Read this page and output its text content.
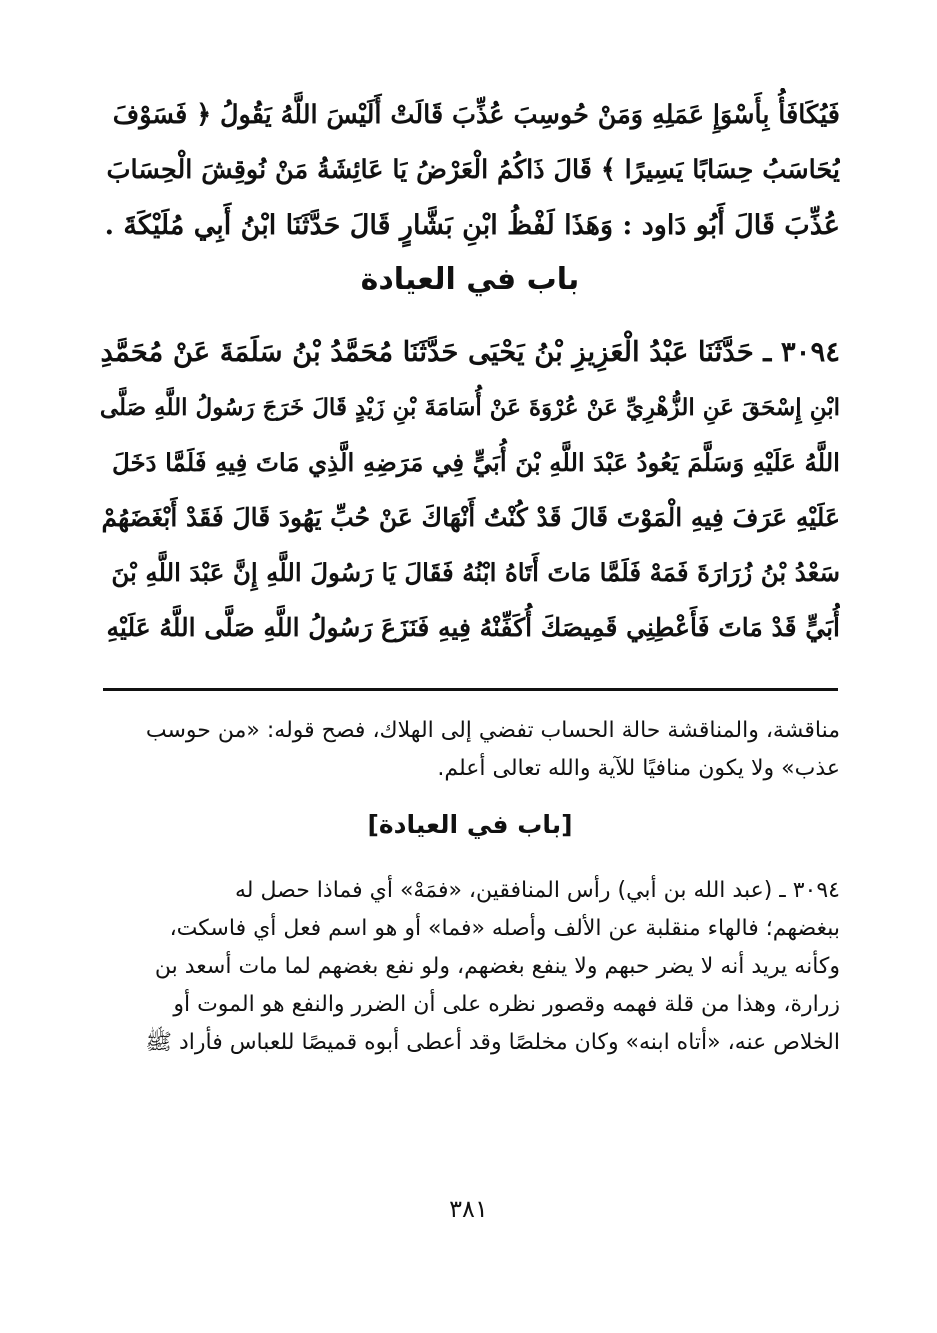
فَيُكَافَأُ بِأَسْوَإِ عَمَلِهِ وَمَنْ حُوسِبَ عُذِّبَ قَالَتْ أَلَيْسَ اللَّهُ يَقُولُ ﴿ فَسَوْفَ
يُحَاسَبُ حِسَابًا يَسِيرًا ﴾ قَالَ ذَاكُمُ الْعَرْضُ يَا عَائِشَةُ مَنْ نُوقِشَ الْحِسَابَ
عُذِّبَ قَالَ أَبُو دَاود : وَهَذَا لَفْظُ ابْنِ بَشَّارٍ قَالَ حَدَّثَنَا ابْنُ أَبِي مُلَيْكَةَ .
باب في العيادة
٣٠٩٤ ـ حَدَّثَنَا عَبْدُ الْعَزِيزِ بْنُ يَحْيَى حَدَّثَنَا مُحَمَّدُ بْنُ سَلَمَةَ عَنْ مُحَمَّدِ
ابْنِ إِسْحَقَ عَنِ الزُّهْرِيِّ عَنْ عُرْوَةَ عَنْ أُسَامَةَ بْنِ زَيْدٍ قَالَ خَرَجَ رَسُولُ اللَّهِ صَلَّى
اللَّهُ عَلَيْهِ وَسَلَّمَ يَعُودُ عَبْدَ اللَّهِ بْنَ أُبَيٍّ فِي مَرَضِهِ الَّذِي مَاتَ فِيهِ فَلَمَّا دَخَلَ
عَلَيْهِ عَرَفَ فِيهِ الْمَوْتَ قَالَ قَدْ كُنْتُ أَنْهَاكَ عَنْ حُبِّ يَهُودَ قَالَ فَقَدْ أَبْغَضَهُمْ
سَعْدُ بْنُ زُرَارَةَ فَمَهْ فَلَمَّا مَاتَ أَتَاهُ ابْنُهُ فَقَالَ يَا رَسُولَ اللَّهِ إِنَّ عَبْدَ اللَّهِ بْنَ
أُبَيٍّ قَدْ مَاتَ فَأَعْطِنِي قَمِيصَكَ أُكَفِّنْهُ فِيهِ فَنَزَعَ رَسُولُ اللَّهِ صَلَّى اللَّهُ عَلَيْهِ
مناقشة، والمناقشة حالة الحساب تفضي إلى الهلاك، فصح قوله: «من حوسب
عذب» ولا يكون منافيًا للآية والله تعالى أعلم.
[باب في العيادة]
٣٠٩٤ ـ (عبد الله بن أبي) رأس المنافقين، «فمَهْ» أي فماذا حصل له
ببغضهم؛ فالهاء منقلبة عن الألف وأصله «فما» أو هو اسم فعل أي فاسكت،
وكأنه يريد أنه لا يضر حبهم ولا ينفع بغضهم، ولو نفع بغضهم لما مات أسعد بن
زرارة، وهذا من قلة فهمه وقصور نظره على أن الضرر والنفع هو الموت أو
الخلاص عنه، «أتاه ابنه» وكان مخلصًا وقد أعطى أبوه قميصًا للعباس فأراد ﷺ
٣٨١
